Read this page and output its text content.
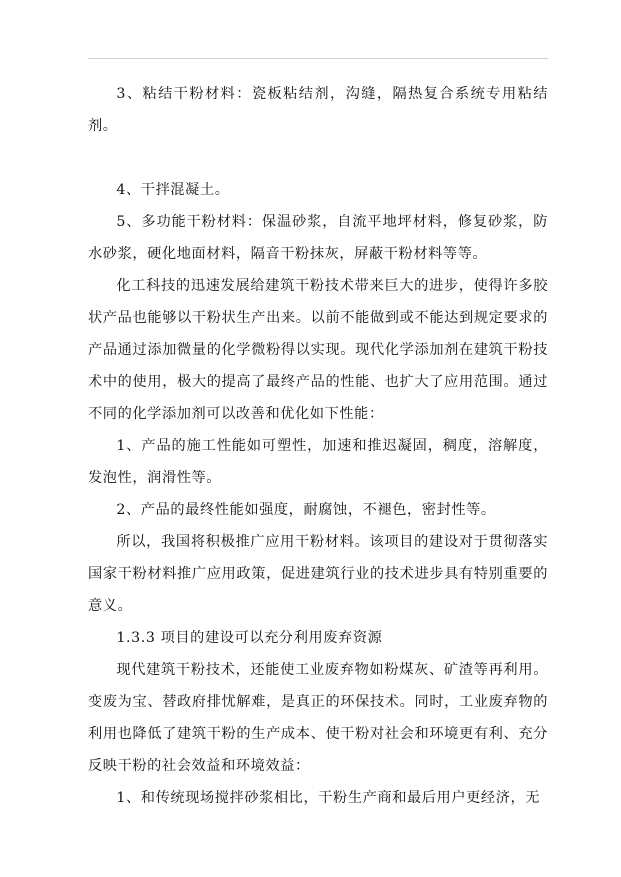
3、粘结干粉材料：瓷板粘结剂，沟缝，隔热复合系统专用粘结剂。

4、干拌混凝土。

5、多功能干粉材料：保温砂浆，自流平地坪材料，修复砂浆，防水砂浆，硬化地面材料，隔音干粉抹灰，屏蔽干粉材料等等。

化工科技的迅速发展给建筑干粉技术带来巨大的进步，使得许多胶状产品也能够以干粉状生产出来。以前不能做到或不能达到规定要求的产品通过添加微量的化学微粉得以实现。现代化学添加剂在建筑干粉技术中的使用，极大的提高了最终产品的性能、也扩大了应用范围。通过不同的化学添加剂可以改善和优化如下性能：

1、产品的施工性能如可塑性，加速和推迟凝固，稠度，溶解度，发泡性，润滑性等。

2、产品的最终性能如强度，耐腐蚀，不褪色，密封性等。

所以，我国将积极推广应用干粉材料。该项目的建设对于贯彻落实国家干粉材料推广应用政策，促进建筑行业的技术进步具有特别重要的意义。

1.3.3 项目的建设可以充分利用废弃资源

现代建筑干粉技术，还能使工业废弃物如粉煤灰、矿渣等再利用。变废为宝、替政府排忧解难，是真正的环保技术。同时，工业废弃物的利用也降低了建筑干粉的生产成本、使干粉对社会和环境更有利、充分反映干粉的社会效益和环境效益：

1、和传统现场搅拌砂浆相比，干粉生产商和最后用户更经济，无
